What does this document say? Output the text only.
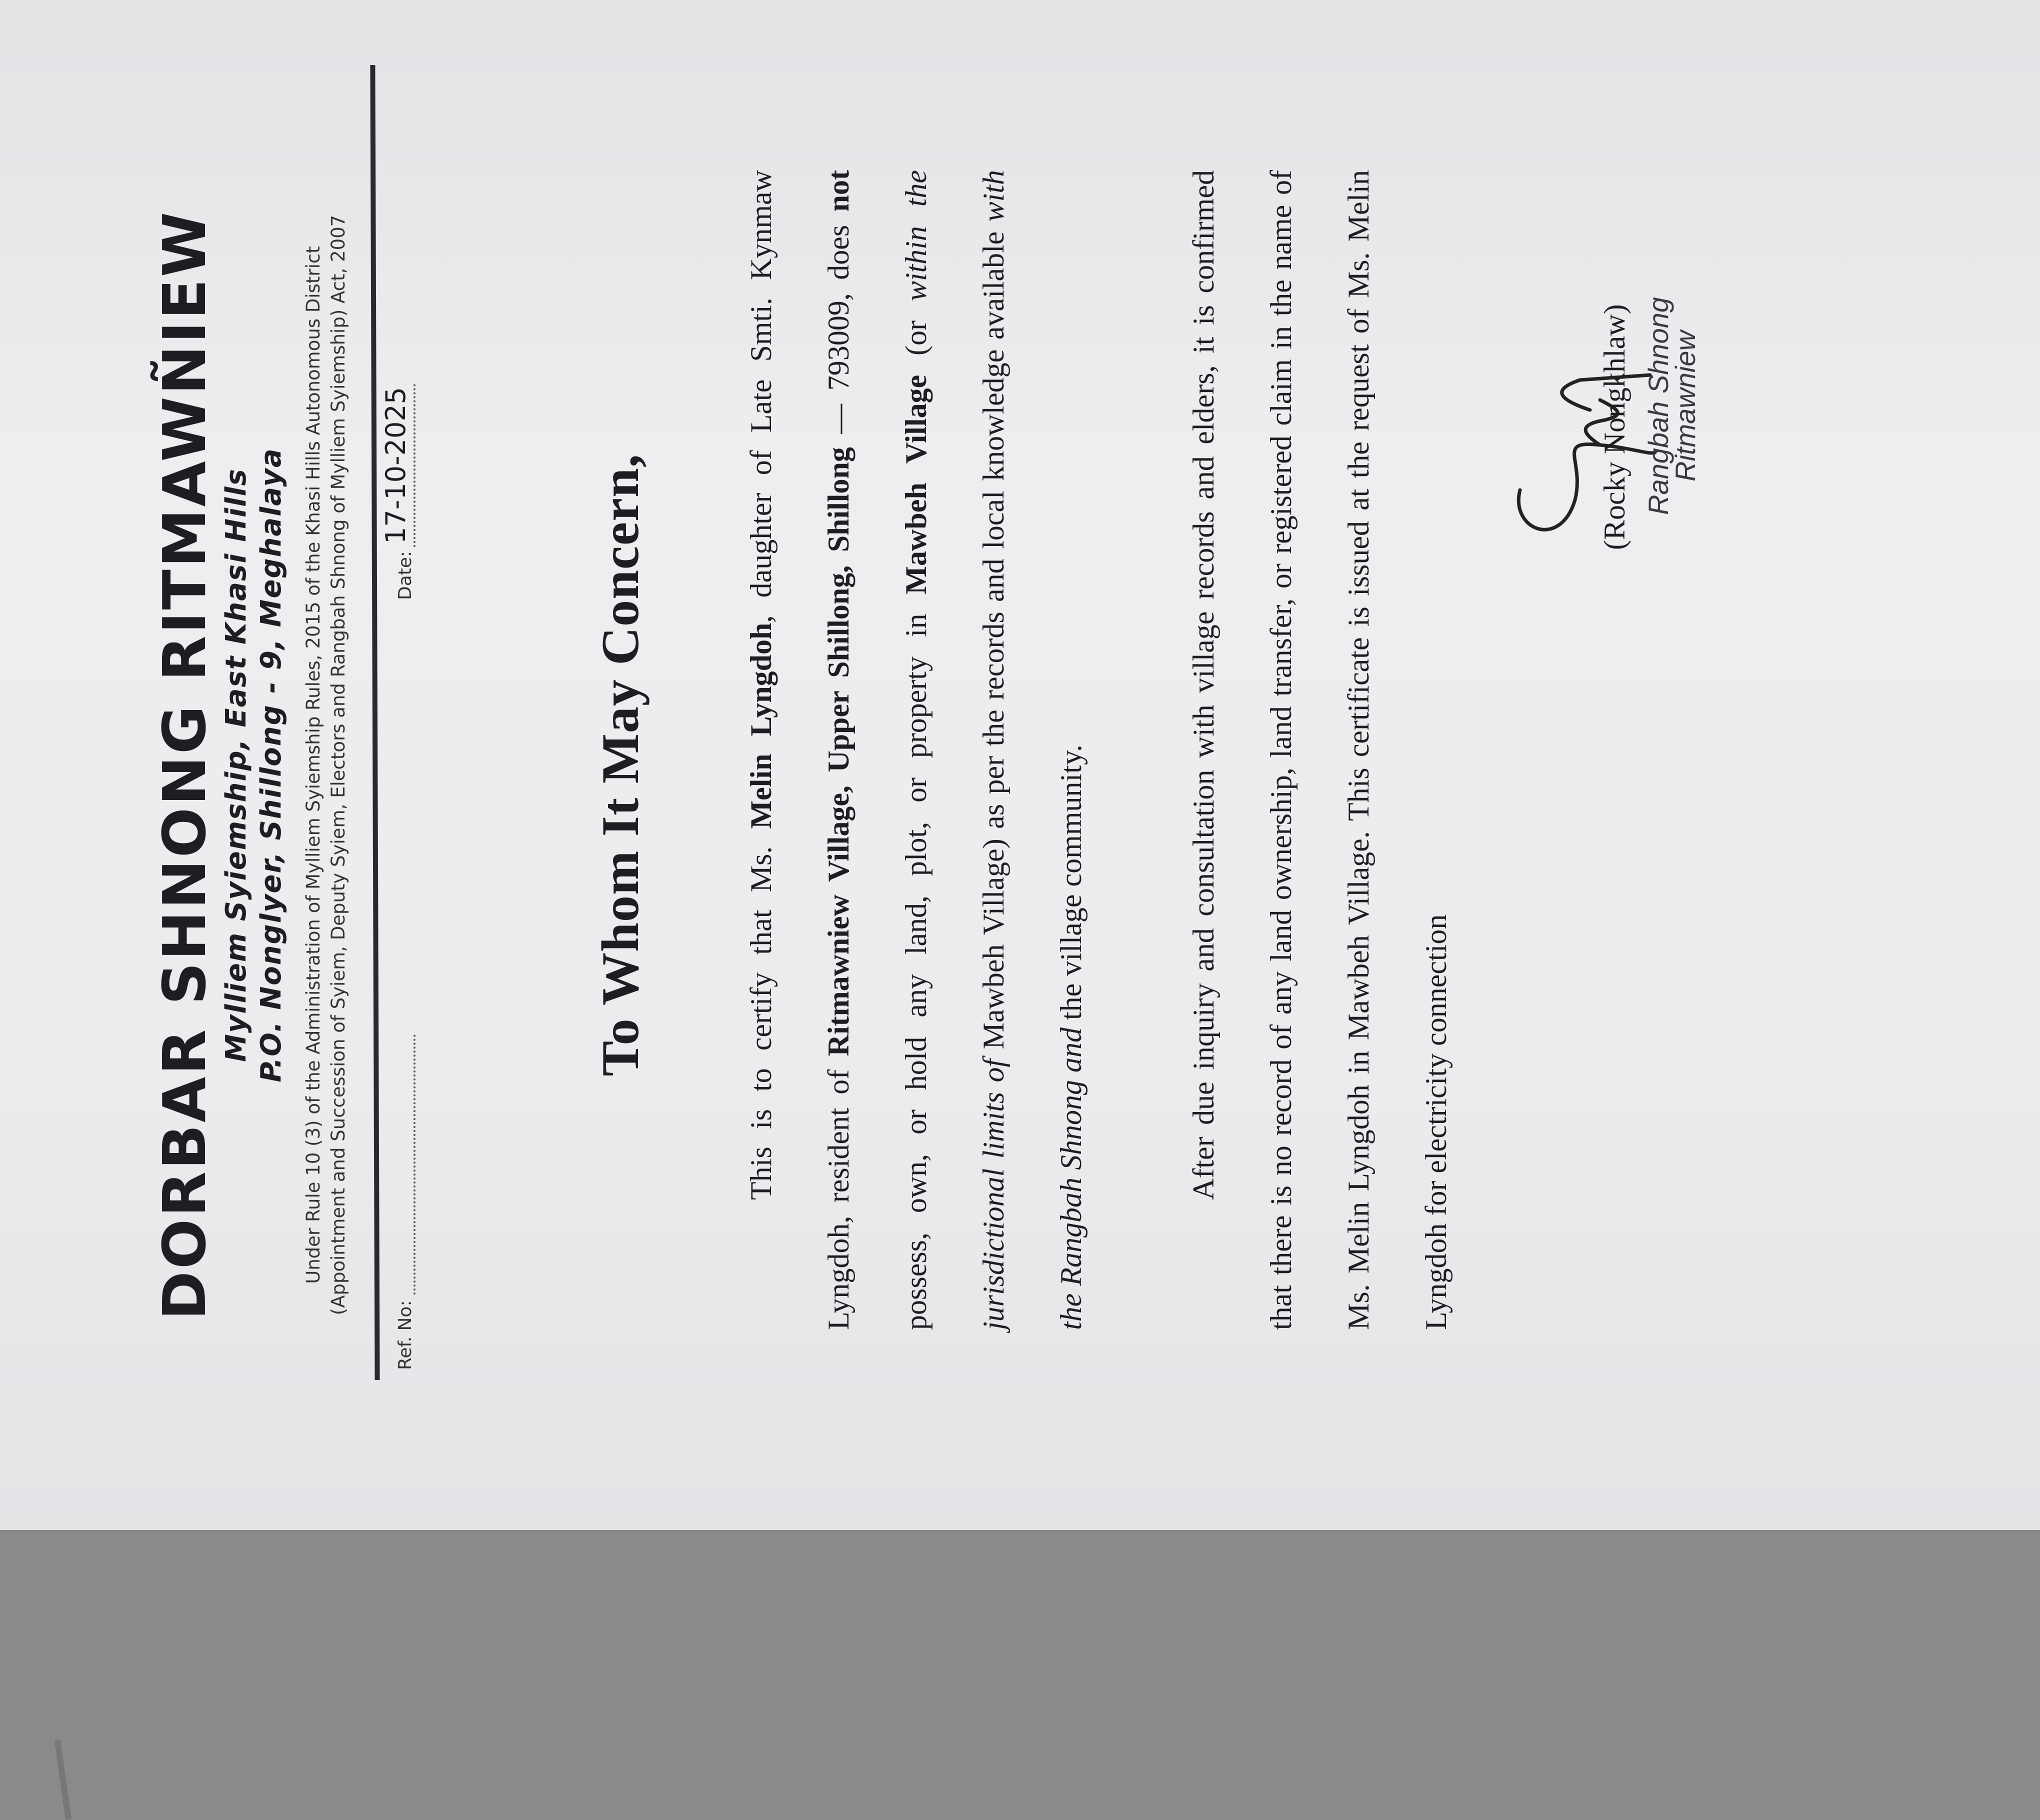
DORBAR SHNONG RITMAWÑIEW Mylliem Syiemship, East Khasi Hills P.O. Nonglyer, Shillong - 9, Meghalaya Under Rule 10 (3) of the Administration of Mylliem Syiemship Rules, 2015 of the Khasi Hills Autonomous District (Appointment and Succession of Syiem, Deputy Syiem, Electors and Rangbah Shnong of Mylliem Syiemship) Act, 2007
Ref. No:
Date:
17-10-2025	To Whom It May Concern,	This is to certify that Ms. Melin Lyngdoh, daughter of Late Smti. Kynmaw Lyngdoh, resident of Ritmawniew Village, Upper Shillong, Shillong — 793009, does not possess, own, or hold any land, plot, or property in Mawbeh Village (or within the jurisdictional limits of Mawbeh Village) as per the records and local knowledge available with the Rangbah Shnong and the village community.	After due inquiry and consultation with village records and elders, it is confirmed that there is no record of any land ownership, land transfer, or registered claim in the name of Ms. Melin Lyngdoh in Mawbeh Village. This certificate is issued at the request of Ms. Melin Lyngdoh for electricity connection
(Rocky Nongkhlaw) Rangbah Shnong
Ritmawniew
